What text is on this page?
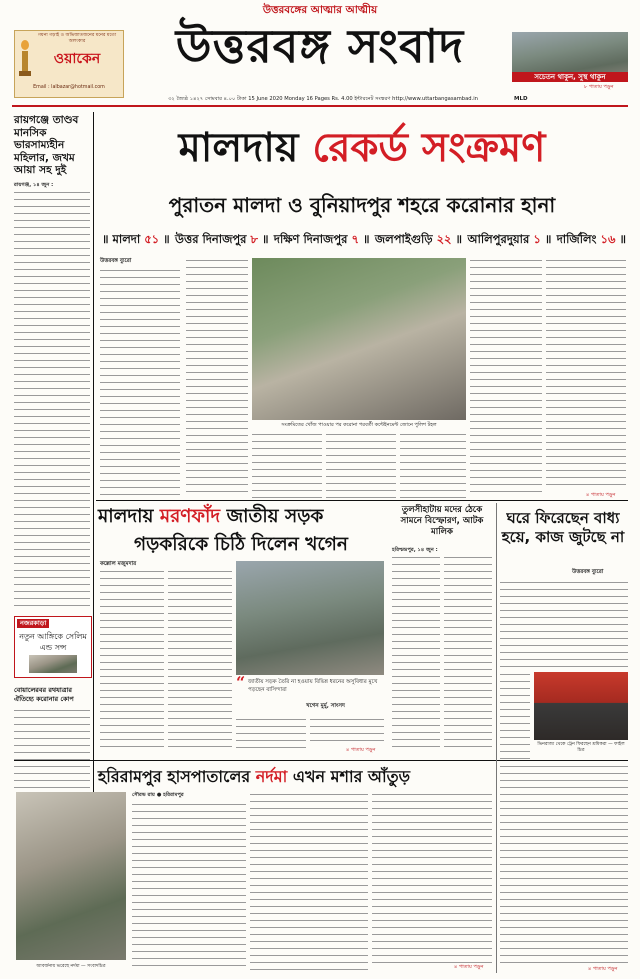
গয়না গড়াই ও অভিজাতজনের মনের মতো অলংকার
ওয়াকেন
Email : lalbazar@hotmail.com
উত্তরবঙ্গের আত্মার আত্মীয়
উত্তরবঙ্গ সংবাদ
সচেতন থাকুন, সুস্থ থাকুন
৮ পাতায় পড়ুন
৩২ জ্যৈষ্ঠ ১৪২৭ সোমবার ৪.০০ টাকা 15 June 2020 Monday 16 Pages Rs. 4.00 ইন্টারনেট সংস্করণ http://www.uttarbangasambad.in	MLD
রায়গঞ্জে তাণ্ডব মানসিক ভারসাম্যহীন মহিলার, জখম আয়া সহ দুই
রায়গঞ্জ, ১৪ জুন :
নজরকাড়া
নতুন আঙ্গিকে সেলিম এন্ড সন্স
বোয়ালেরবর রথযাত্রার ঐতিহ্যে করোনার কোপ
মালদায় রেকর্ড সংক্রমণ
পুরাতন মালদা ও বুনিয়াদপুর শহরে করোনার হানা
॥ মালদা ৫১ ॥ উত্তর দিনাজপুর ৮ ॥ দক্ষিণ দিনাজপুর ৭ ॥ জলপাইগুড়ি ২২ ॥ আলিপুরদুয়ার ১ ॥ দার্জিলিং ১৬ ॥
উত্তরবঙ্গ ব্যুরো
সংক্রমিতের খোঁজ পাওয়ার পর করোনা পরবর্তী কন্টেইনমেন্ট জোনে পুলিশ টহল
৪ পাতায় পড়ুন
মালদায় মরণফাঁদ জাতীয় সড়ক
গড়করিকে চিঠি দিলেন খগেন
কল্লোল মজুমদার
“ জাতীয় সড়ক তৈরি না হওয়ায় বিভিন্ন ধরনের অসুবিধার মুখে পড়ছেন বাসিন্দারা
খগেন মুর্মু, সাংসদ
৪ পাতায় পড়ুন
তুলসীহাটায় মদের ঠেকে সামনে বিস্ফোরণ, আটক মালিক
হরিশ্চন্দ্রপুর, ১৪ জুন :
ঘরে ফিরেছেন বাধ্য হয়ে, কাজ জুটছে না
উত্তরবঙ্গ ব্যুরো
ভিনরাজ্য থেকে ট্রেন ফিরছেন শ্রমিকরা — ফাইল চিত্র
হরিরামপুর হাসপাতালের নর্দমা এখন মশার আঁতুড়
আবর্জনায় ভরেছে নর্দমা — সংবাদচিত্র
সৌরভ রায় ● হরিরামপুর
৪ পাতায় পড়ুন	৪ পাতায় পড়ুন
